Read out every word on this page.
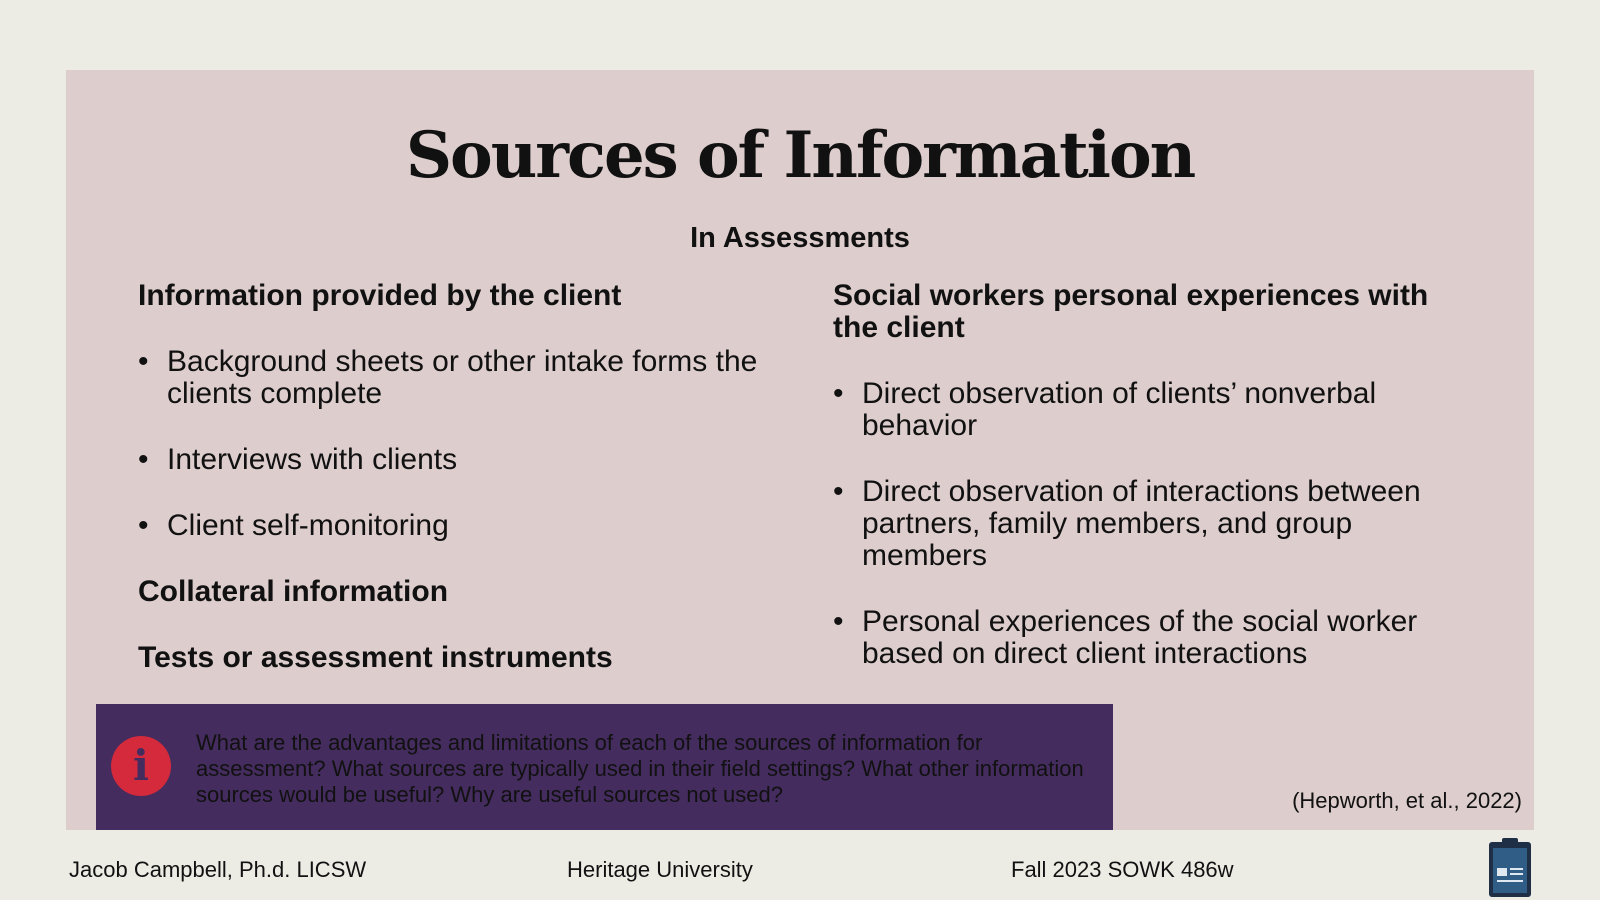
Sources of Information
In Assessments

Information provided by the client

• Background sheets or other intake forms the clients complete
• Interviews with clients
• Client self-monitoring

Collateral information

Tests or assessment instruments

Social workers personal experiences with the client

• Direct observation of clients’ nonverbal behavior
• Direct observation of interactions between partners, family members, and group members
• Personal experiences of the social worker based on direct client interactions
i	What are the advantages and limitations of each of the sources of information for assessment? What sources are typically used in their field settings? What other information sources would be useful? Why are useful sources not used?	(Hepworth, et al., 2022)
Jacob Campbell, Ph.d. LICSW	Heritage University	Fall 2023 SOWK 486w
